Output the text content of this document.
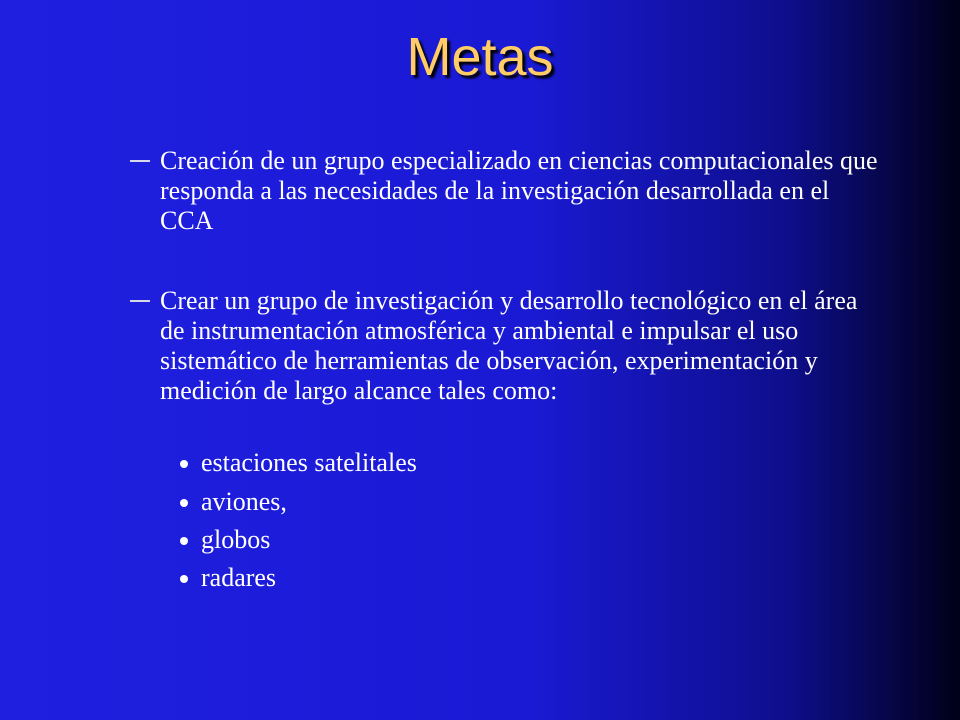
Metas
Creación de un grupo especializado en ciencias computacionales que responda a las necesidades de la investigación desarrollada en el CCA
Crear un grupo de investigación y desarrollo tecnológico en el área de instrumentación atmosférica y ambiental e impulsar el uso sistemático de herramientas de observación, experimentación y medición de largo alcance tales como:
estaciones satelitales
aviones,
globos
radares
